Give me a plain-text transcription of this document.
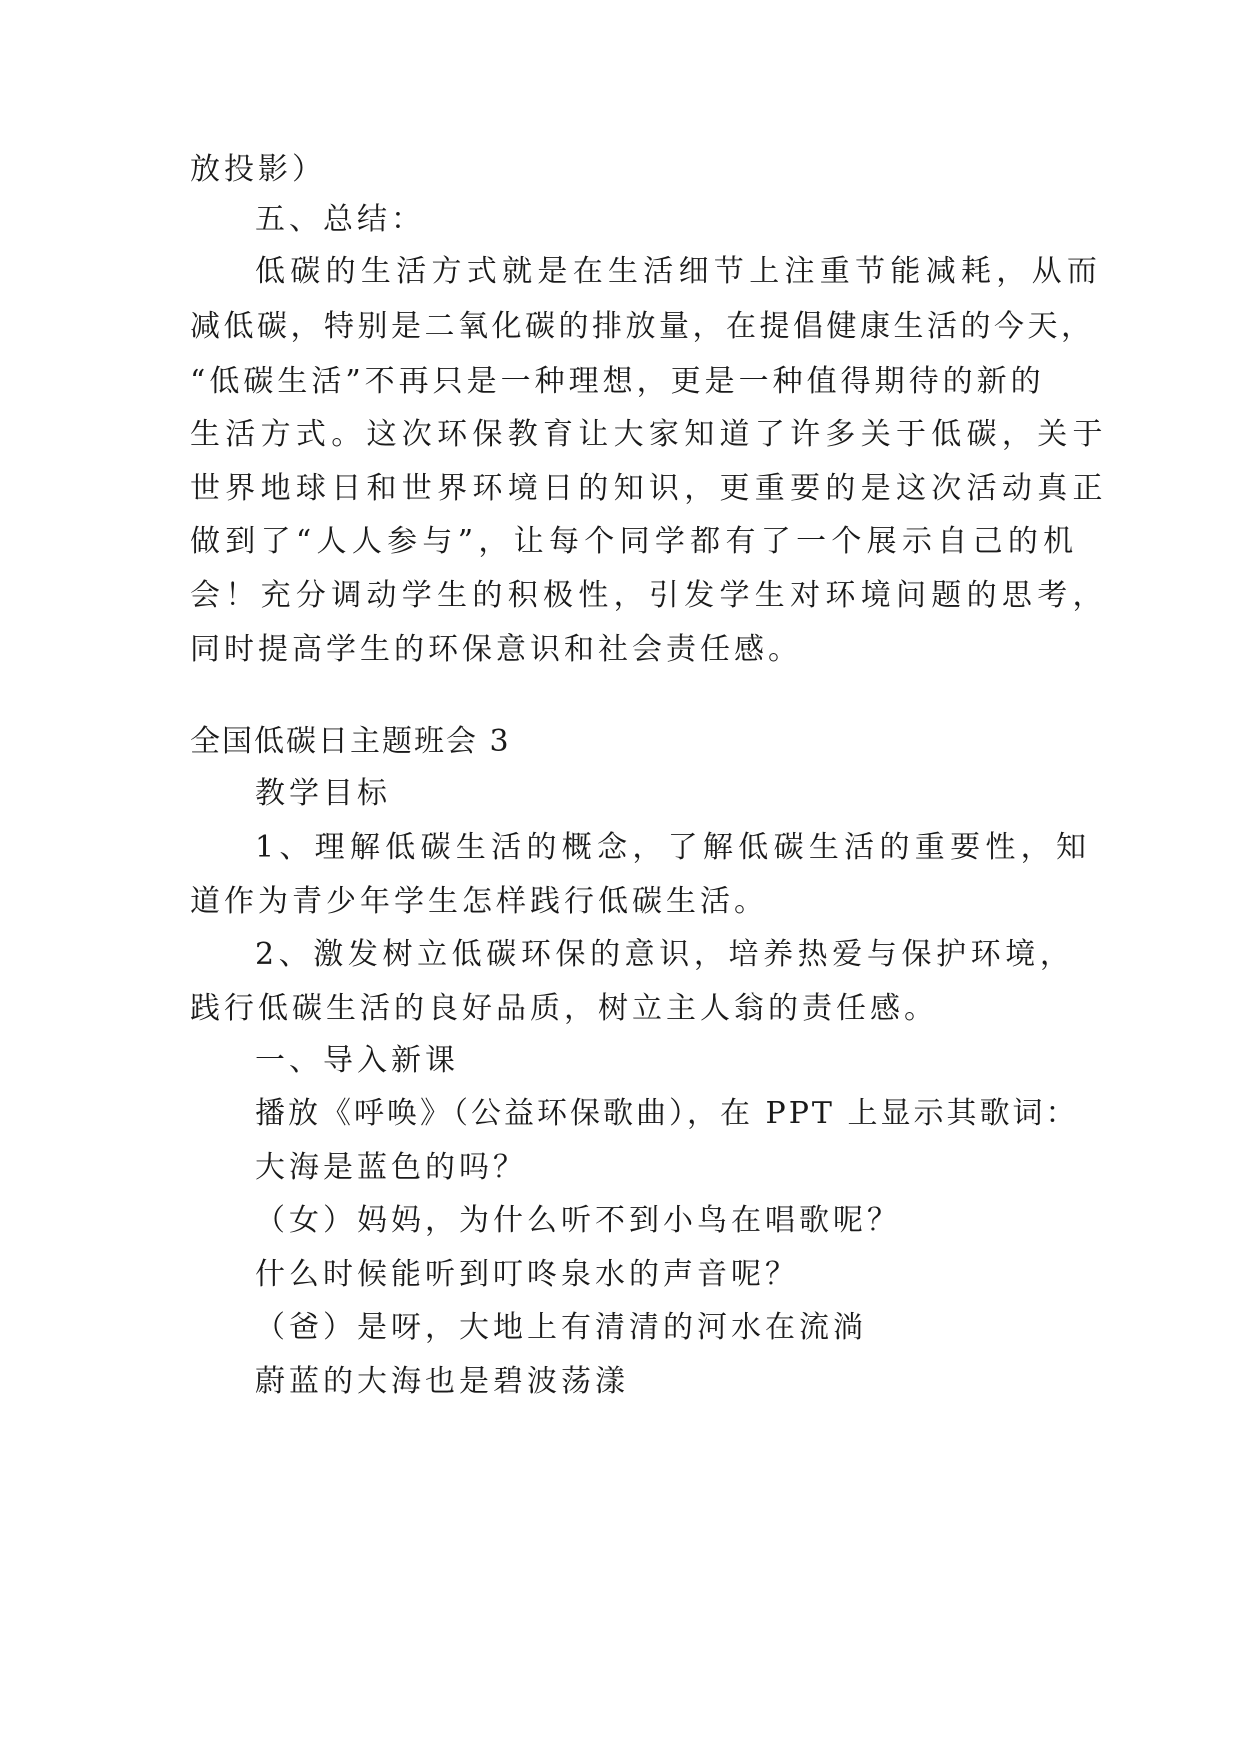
放投影）
五、总结：
低碳的生活方式就是在生活细节上注重节能减耗，从而
减低碳，特别是二氧化碳的排放量，在提倡健康生活的今天，
“低碳生活”不再只是一种理想，更是一种值得期待的新的
生活方式。这次环保教育让大家知道了许多关于低碳，关于
世界地球日和世界环境日的知识，更重要的是这次活动真正
做到了“人人参与”，让每个同学都有了一个展示自己的机
会！充分调动学生的积极性，引发学生对环境问题的思考，
同时提高学生的环保意识和社会责任感。
全国低碳日主题班会 3
教学目标
1、理解低碳生活的概念，了解低碳生活的重要性，知
道作为青少年学生怎样践行低碳生活。
2、激发树立低碳环保的意识，培养热爱与保护环境，
践行低碳生活的良好品质，树立主人翁的责任感。
一、导入新课
播放《呼唤》（公益环保歌曲），在 PPT 上显示其歌词：
大海是蓝色的吗？
（女）妈妈，为什么听不到小鸟在唱歌呢？
什么时候能听到叮咚泉水的声音呢？
（爸）是呀，大地上有清清的河水在流淌
蔚蓝的大海也是碧波荡漾
